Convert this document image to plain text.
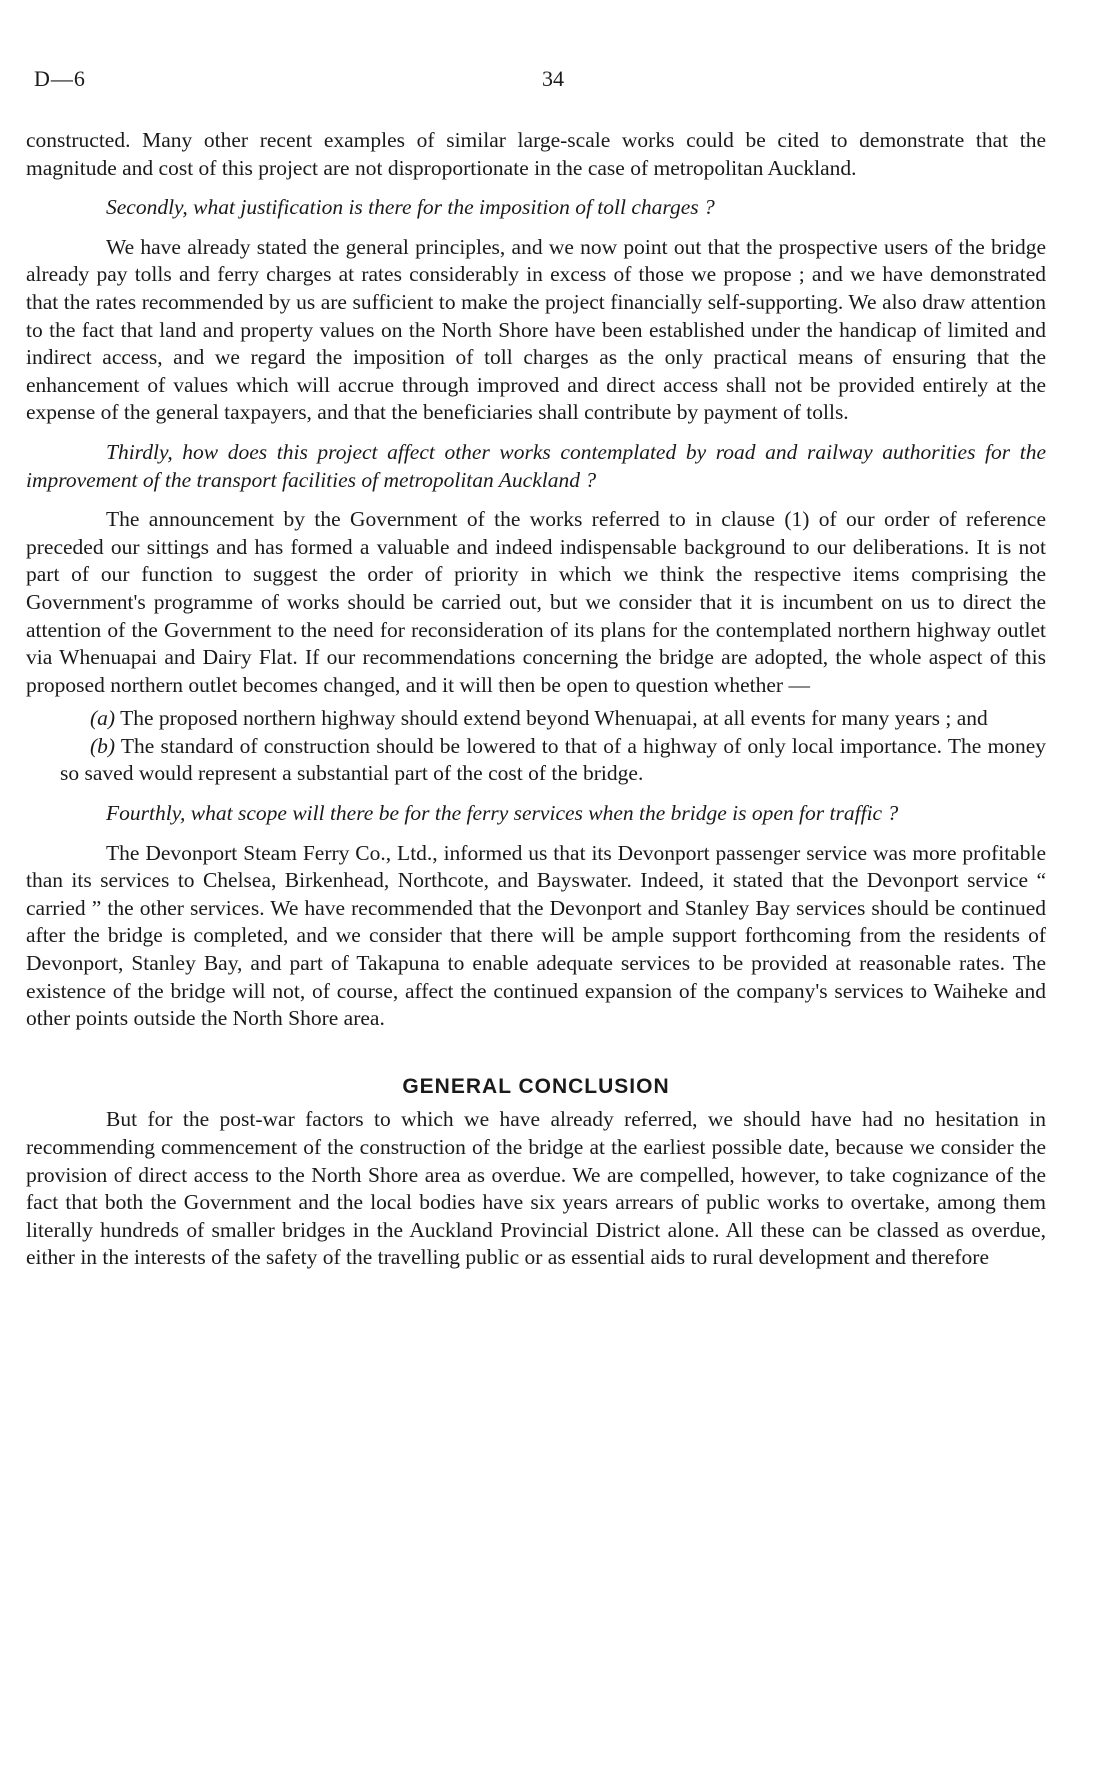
D—6	34

constructed. Many other recent examples of similar large-scale works could be cited to demonstrate that the magnitude and cost of this project are not disproportionate in the case of metropolitan Auckland.

Secondly, what justification is there for the imposition of toll charges ?

We have already stated the general principles, and we now point out that the prospective users of the bridge already pay tolls and ferry charges at rates considerably in excess of those we propose ; and we have demonstrated that the rates recommended by us are sufficient to make the project financially self-supporting. We also draw attention to the fact that land and property values on the North Shore have been established under the handicap of limited and indirect access, and we regard the imposition of toll charges as the only practical means of ensuring that the enhancement of values which will accrue through improved and direct access shall not be provided entirely at the expense of the general taxpayers, and that the beneficiaries shall contribute by payment of tolls.

Thirdly, how does this project affect other works contemplated by road and railway authorities for the improvement of the transport facilities of metropolitan Auckland ?

The announcement by the Government of the works referred to in clause (1) of our order of reference preceded our sittings and has formed a valuable and indeed indispensable background to our deliberations. It is not part of our function to suggest the order of priority in which we think the respective items comprising the Government's programme of works should be carried out, but we consider that it is incumbent on us to direct the attention of the Government to the need for reconsideration of its plans for the contemplated northern highway outlet via Whenuapai and Dairy Flat. If our recommendations concerning the bridge are adopted, the whole aspect of this proposed northern outlet becomes changed, and it will then be open to question whether —

(a) The proposed northern highway should extend beyond Whenuapai, at all events for many years ; and

(b) The standard of construction should be lowered to that of a highway of only local importance. The money so saved would represent a substantial part of the cost of the bridge.

Fourthly, what scope will there be for the ferry services when the bridge is open for traffic ?

The Devonport Steam Ferry Co., Ltd., informed us that its Devonport passenger service was more profitable than its services to Chelsea, Birkenhead, Northcote, and Bayswater. Indeed, it stated that the Devonport service “ carried ” the other services. We have recommended that the Devonport and Stanley Bay services should be continued after the bridge is completed, and we consider that there will be ample support forthcoming from the residents of Devonport, Stanley Bay, and part of Takapuna to enable adequate services to be provided at reasonable rates. The existence of the bridge will not, of course, affect the continued expansion of the company's services to Waiheke and other points outside the North Shore area.

GENERAL CONCLUSION

But for the post-war factors to which we have already referred, we should have had no hesitation in recommending commencement of the construction of the bridge at the earliest possible date, because we consider the provision of direct access to the North Shore area as overdue. We are compelled, however, to take cognizance of the fact that both the Government and the local bodies have six years arrears of public works to overtake, among them literally hundreds of smaller bridges in the Auckland Provincial District alone. All these can be classed as overdue, either in the interests of the safety of the travelling public or as essential aids to rural development and therefore
